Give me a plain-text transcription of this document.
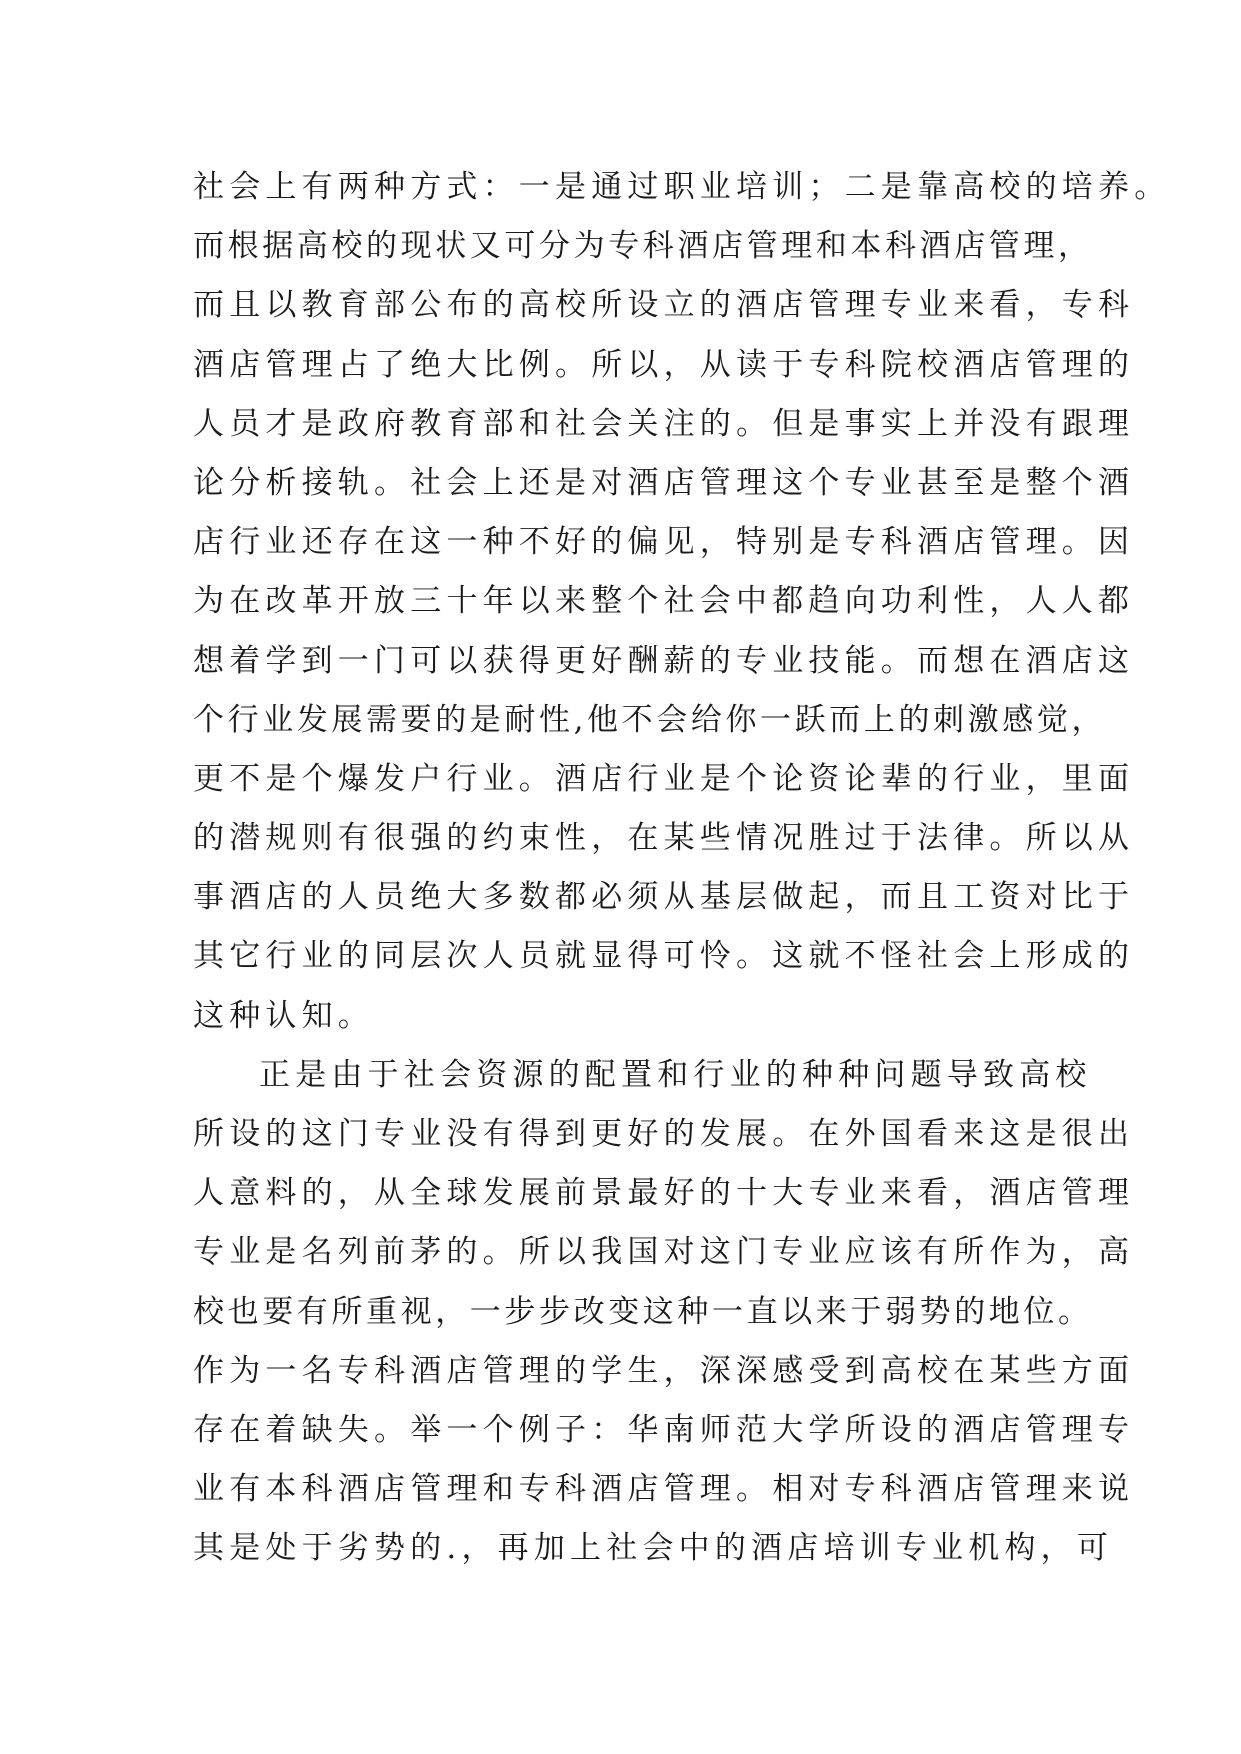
社会上有两种方式：一是通过职业培训；二是靠高校的培养。
而根据高校的现状又可分为专科酒店管理和本科酒店管理，
而且以教育部公布的高校所设立的酒店管理专业来看，专科
酒店管理占了绝大比例。所以，从读于专科院校酒店管理的
人员才是政府教育部和社会关注的。但是事实上并没有跟理
论分析接轨。社会上还是对酒店管理这个专业甚至是整个酒
店行业还存在这一种不好的偏见，特别是专科酒店管理。因
为在改革开放三十年以来整个社会中都趋向功利性，人人都
想着学到一门可以获得更好酬薪的专业技能。而想在酒店这
个行业发展需要的是耐性,他不会给你一跃而上的刺激感觉，
更不是个爆发户行业。酒店行业是个论资论辈的行业，里面
的潜规则有很强的约束性，在某些情况胜过于法律。所以从
事酒店的人员绝大多数都必须从基层做起，而且工资对比于
其它行业的同层次人员就显得可怜。这就不怪社会上形成的
这种认知。
正是由于社会资源的配置和行业的种种问题导致高校
所设的这门专业没有得到更好的发展。在外国看来这是很出
人意料的，从全球发展前景最好的十大专业来看，酒店管理
专业是名列前茅的。所以我国对这门专业应该有所作为，高
校也要有所重视，一步步改变这种一直以来于弱势的地位。
作为一名专科酒店管理的学生，深深感受到高校在某些方面
存在着缺失。举一个例子：华南师范大学所设的酒店管理专
业有本科酒店管理和专科酒店管理。相对专科酒店管理来说
其是处于劣势的.，再加上社会中的酒店培训专业机构，可
